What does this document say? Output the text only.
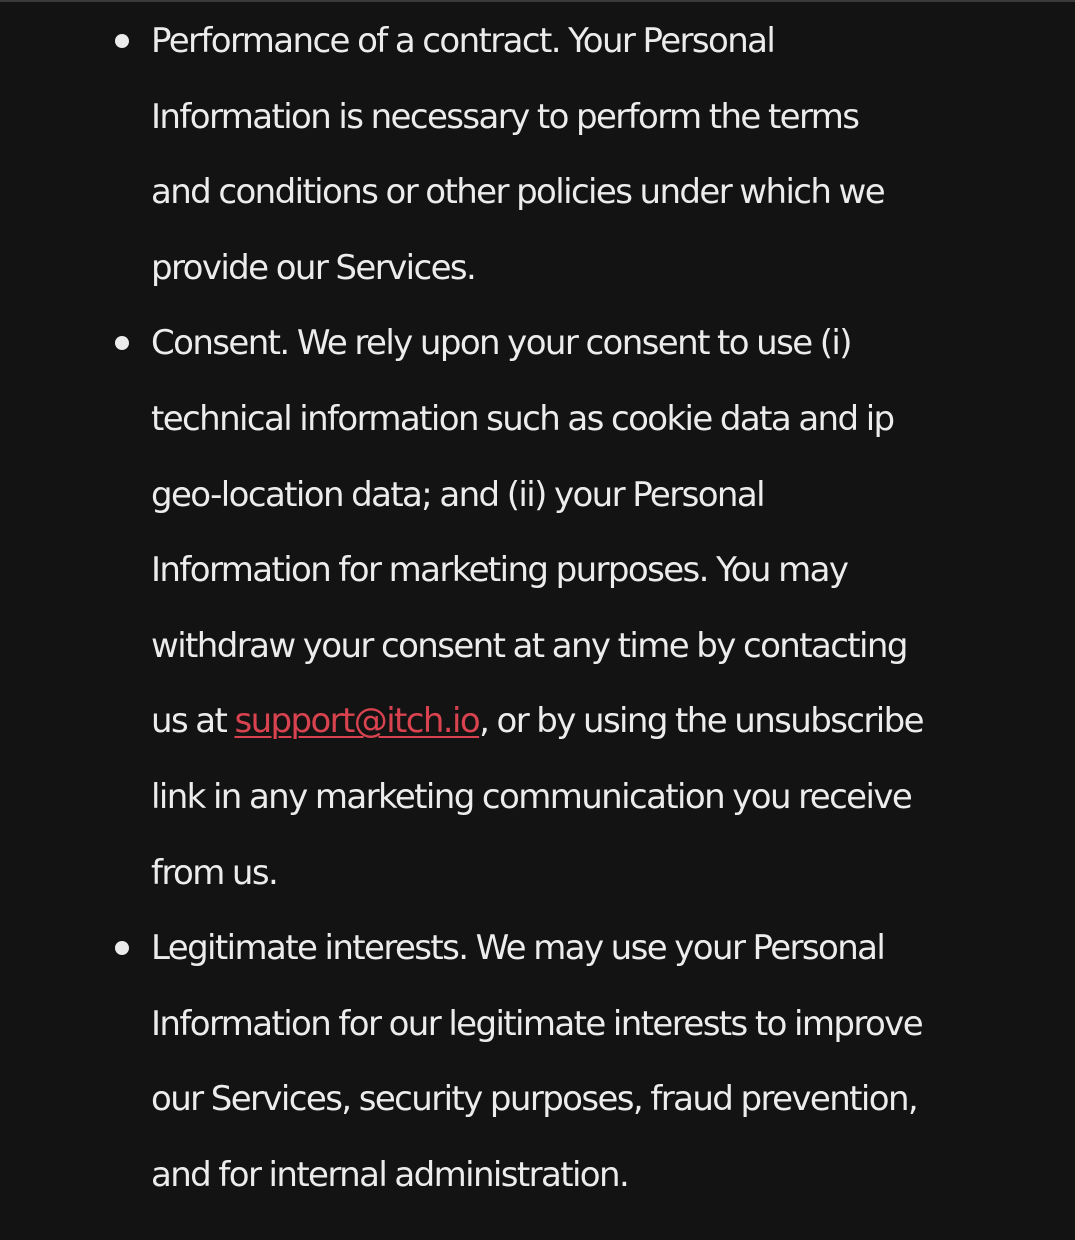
Performance of a contract. Your Personal Information is necessary to perform the terms and conditions or other policies under which we provide our Services.
Consent. We rely upon your consent to use (i) technical information such as cookie data and ip geo-location data; and (ii) your Personal Information for marketing purposes. You may withdraw your consent at any time by contacting us at support@itch.io, or by using the unsubscribe link in any marketing communication you receive from us.
Legitimate interests. We may use your Personal Information for our legitimate interests to improve our Services, security purposes, fraud prevention, and for internal administration.
